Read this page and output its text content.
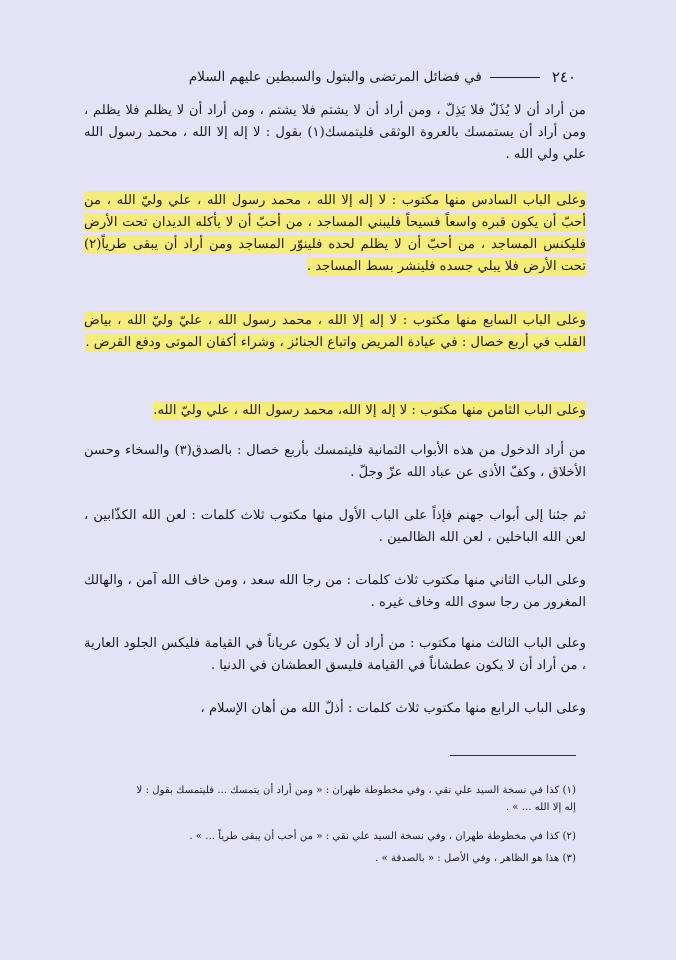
٢٤٠
في فضائل المرتضى والبتول والسبطين عليهم السلام

من أراد أن لا يُذَلّ فلا يَذِلّ ، ومن أراد أن لا يشتم فلا يشتم ، ومن أراد أن لا يظلم فلا يظلم ، ومن أراد أن يستمسك بالعروة الوثقى فليتمسك(١) بقول : لا إله إلا الله ، محمد رسول الله علي ولي الله .

وعلى الباب السادس منها مكتوب : لا إله إلا الله ، محمد رسول الله ، علي وليّ الله ، من أحبّ أن يكون قبره واسعاً فسيحاً فليبني المساجد ، من أحبّ أن لا يأكله الديدان تحت الأرض فليكنس المساجد ، من أحبّ أن لا يظلم لحده فلينوّر المساجد ومن أراد أن يبقى طرياً(٢) تحت الأرض فلا يبلي جسده فلينشر بسط المساجد .

وعلى الباب السابع منها مكتوب : لا إله إلا الله ، محمد رسول الله ، عليّ وليّ الله ، بياض القلب في أربع خصال : في عيادة المريض واتباع الجنائز ، وشراء أكفان الموتى ودفع القرض .

وعلى الباب الثامن منها مكتوب : لا إله إلا الله، محمد رسول الله ، علي وليّ الله.

من أراد الدخول من هذه الأبواب الثمانية فليتمسك بأربع خصال : بالصدق(٣) والسخاء وحسن الأخلاق ، وكفّ الأذى عن عباد الله عزّ وجلّ .

ثم جئنا إلى أبواب جهنم فإذاً على الباب الأول منها مكتوب ثلاث كلمات : لعن الله الكذّابين ، لعن الله الباخلين ، لعن الله الظالمين .

وعلى الباب الثاني منها مكتوب ثلاث كلمات : من رجا الله سعد ، ومن خاف الله آمن ، والهالك المغرور من رجا سوى الله وخاف غيره .

وعلى الباب الثالث منها مكتوب : من أراد أن لا يكون عرياناً في القيامة فليكس الجلود العارية ، من أراد أن لا يكون عطشاناً في القيامة فليسق العطشان في الدنيا .

وعلى الباب الرابع منها مكتوب ثلاث كلمات : أذلّ الله من أهان الإسلام ،

(١) كذا في نسخة السيد علي نقي ، وفي مخطوطة طهران : « ومن أراد أن يتمسك ... فليتمسك بقول : لا إله إلا الله ... » .
(٢) كذا في مخطوطة طهران ، وفي نسخة السيد علي نقي : « من أحب أن يبقى طرياً ... » .
(٣) هذا هو الظاهر ، وفي الأصل : « بالصدقة » .
